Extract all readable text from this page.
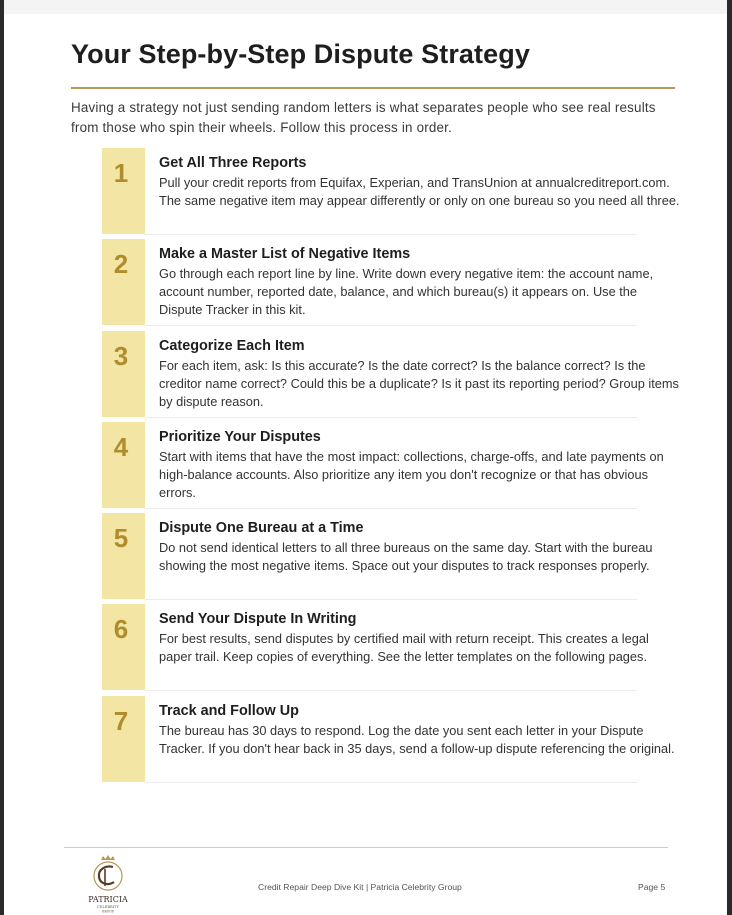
Your Step-by-Step Dispute Strategy
Having a strategy not just sending random letters is what separates people who see real results from those who spin their wheels. Follow this process in order.
1	Get All Three Reports
Pull your credit reports from Equifax, Experian, and TransUnion at annualcreditreport.com. The same negative item may appear differently or only on one bureau so you need all three.
2	Make a Master List of Negative Items
Go through each report line by line. Write down every negative item: the account name, account number, reported date, balance, and which bureau(s) it appears on. Use the Dispute Tracker in this kit.
3	Categorize Each Item
For each item, ask: Is this accurate? Is the date correct? Is the balance correct? Is the creditor name correct? Could this be a duplicate? Is it past its reporting period? Group items by dispute reason.
4	Prioritize Your Disputes
Start with items that have the most impact: collections, charge-offs, and late payments on high-balance accounts. Also prioritize any item you don't recognize or that has obvious errors.
5	Dispute One Bureau at a Time
Do not send identical letters to all three bureaus on the same day. Start with the bureau showing the most negative items. Space out your disputes to track responses properly.
6	Send Your Dispute In Writing
For best results, send disputes by certified mail with return receipt. This creates a legal paper trail. Keep copies of everything. See the letter templates on the following pages.
7	Track and Follow Up
The bureau has 30 days to respond. Log the date you sent each letter in your Dispute Tracker. If you don't hear back in 35 days, send a follow-up dispute referencing the original.
PATRICIA
CELEBRITY
GROUP
Credit Repair Deep Dive Kit | Patricia Celebrity Group	Page 5
